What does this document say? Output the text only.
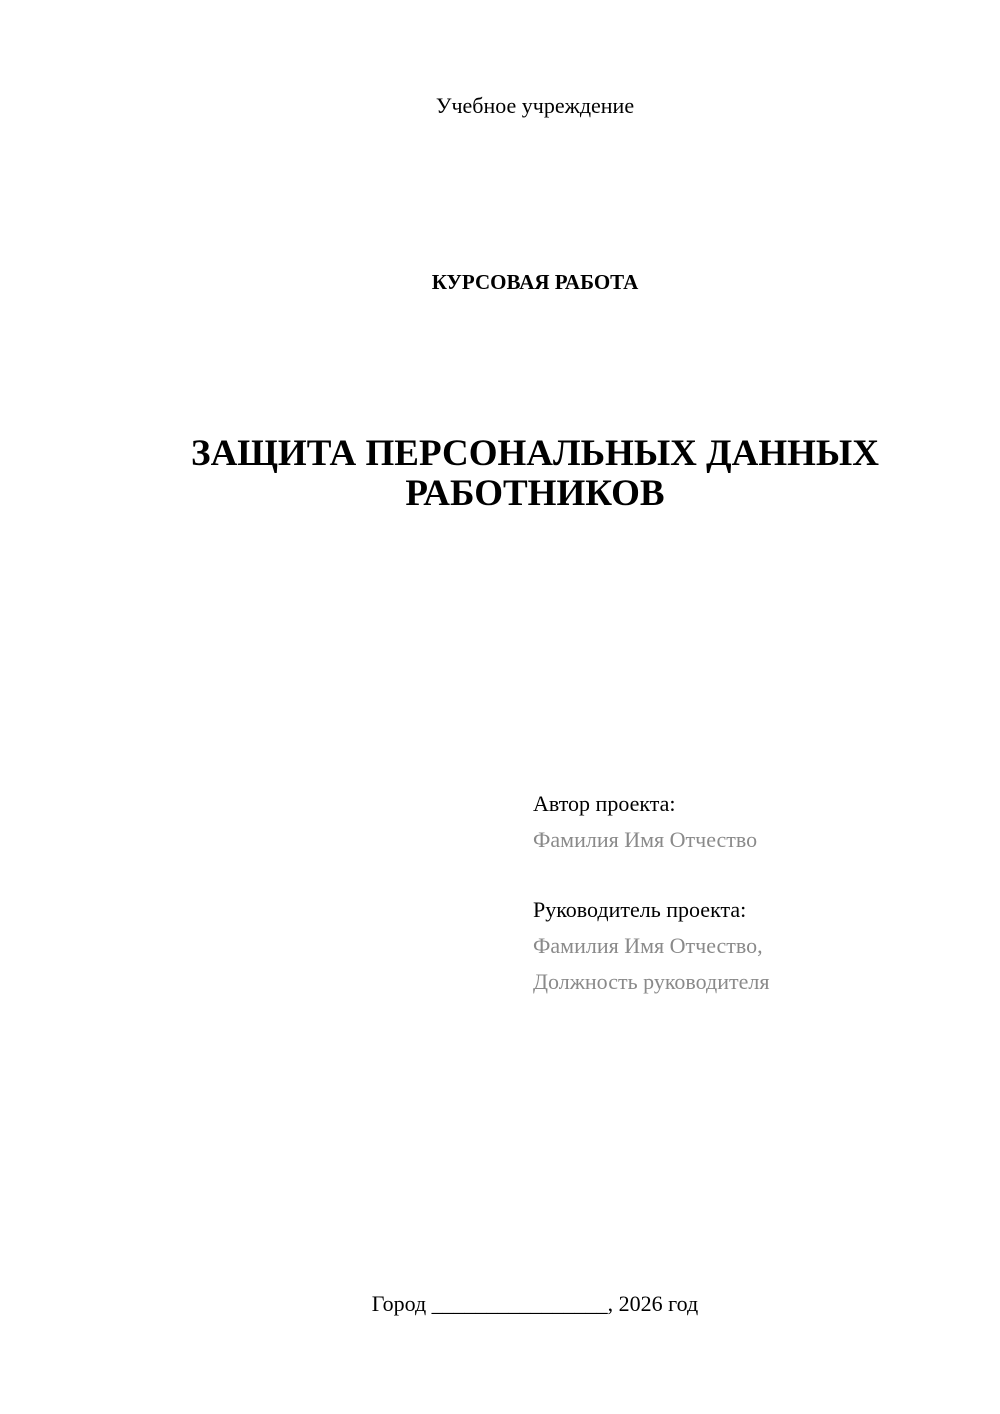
Учебное учреждение
КУРСОВАЯ РАБОТА
ЗАЩИТА ПЕРСОНАЛЬНЫХ ДАННЫХ
РАБОТНИКОВ
Автор проекта:
Фамилия Имя Отчество
Руководитель проекта:
Фамилия Имя Отчество,
Должность руководителя
Город ________________, 2026 год
